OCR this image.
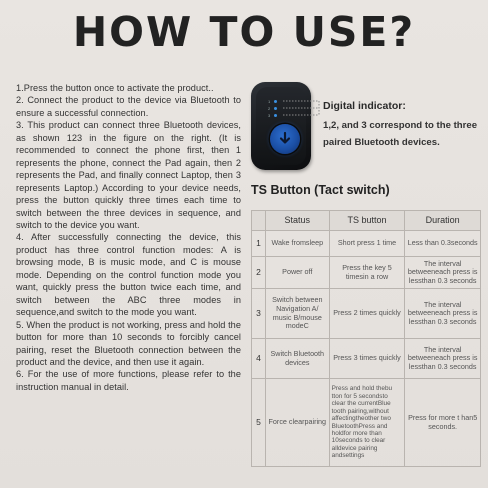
HOW TO USE?

1.Press the button once to activate the product..

2. Connect the product to the device via Bluetooth to ensure a successful connection.

3. This product can connect three Bluetooth devices, as shown 123 in the figure on the right. (It is recommended to connect the phone first, then 1 represents the phone, connect the Pad again, then 2 represents the Pad, and finally connect Laptop, then 3 represents Laptop.) According to your device needs, press the button quickly three times each time to switch between the three devices in sequence, and switch to the device you want.

4. After successfully connecting the device, this product has three control function modes: A is browsing mode, B is music mode, and C is mouse mode. Depending on the control function mode you want, quickly press the button twice each time, and switch between the ABC three modes in sequence,and switch to the mode you want.

5. When the product is not working, press and hold the button for more than 10 seconds to forcibly cancel pairing, reset the Bluetooth connection between the product and the device, and then use it again.

6. For the use of more functions, please refer to the instruction manual in detail.

1
2
3
Digital indicator:
1,2, and 3 correspond to the three paired Bluetooth devices.
TS Button (Tact switch)
	Status	TS button	Duration
1	Wake fromsleep	Short press 1 time	Less than 0.3seconds
2	Power off	Press the key 5 timesin a row	The interval betweeneach press is lessthan 0.3 seconds
3	Switch between Navigation A/ music B/mouse modeC	Press 2 times quickly	The interval betweeneach press is lessthan 0.3 seconds
4	Switch Bluetooth devices	Press 3 times quickly	The interval betweeneach press is lessthan 0.3 seconds
5	Force clearpairing	Press and hold thebu tton for 5 secondsto clear the currentBlue tooth pairing,without affectingtheother two BluetoothPress and holdfor more than 10seconds to clear alldevice pairing andsettings	Press for more t han5 seconds.
